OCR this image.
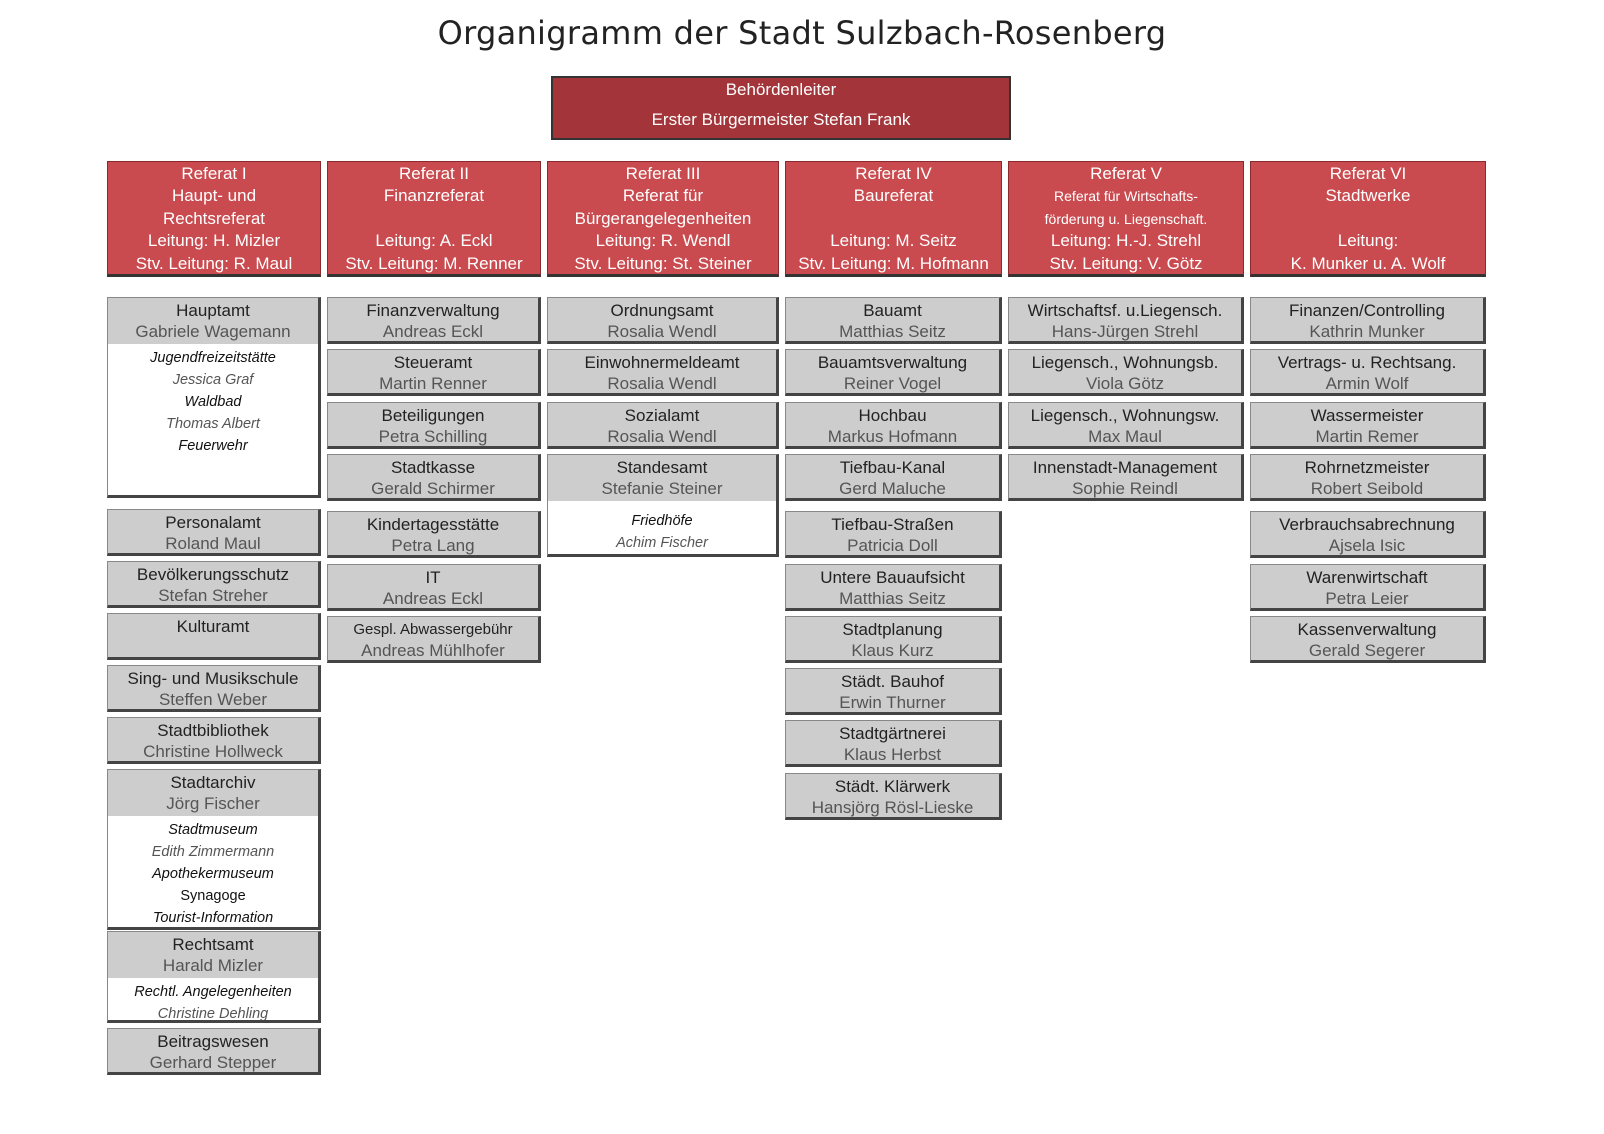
Organigramm der Stadt Sulzbach-Rosenberg
Behördenleiter
Erster Bürgermeister Stefan Frank
Referat I
Haupt- und
Rechtsreferat
Leitung: H. Mizler
Stv. Leitung: R. Maul
Hauptamt
Gabriele Wagemann
Jugendfreizeitstätte
Jessica Graf
Waldbad
Thomas Albert
Feuerwehr
Personalamt
Roland Maul
Bevölkerungsschutz
Stefan Streher
Kulturamt
Sing- und Musikschule
Steffen Weber
Stadtbibliothek
Christine Hollweck
Stadtarchiv
Jörg Fischer
Stadtmuseum
Edith Zimmermann
Apothekermuseum
Synagoge
Tourist-Information
Rechtsamt
Harald Mizler
Rechtl. Angelegenheiten
Christine Dehling
Beitragswesen
Gerhard Stepper
Referat II
Finanzreferat
Leitung: A. Eckl
Stv. Leitung: M. Renner
Finanzverwaltung
Andreas Eckl
Steueramt
Martin Renner
Beteiligungen
Petra Schilling
Stadtkasse
Gerald Schirmer
Kindertagesstätte
Petra Lang
IT
Andreas Eckl
Gespl. Abwassergebühr
Andreas Mühlhofer
Referat III
Referat für
Bürgerangelegenheiten
Leitung: R. Wendl
Stv. Leitung: St. Steiner
Ordnungsamt
Rosalia Wendl
Einwohnermeldeamt
Rosalia Wendl
Sozialamt
Rosalia Wendl
Standesamt
Stefanie Steiner
Friedhöfe
Achim Fischer
Referat IV
Baureferat
Leitung: M. Seitz
Stv. Leitung: M. Hofmann
Bauamt
Matthias Seitz
Bauamtsverwaltung
Reiner Vogel
Hochbau
Markus Hofmann
Tiefbau-Kanal
Gerd Maluche
Tiefbau-Straßen
Patricia Doll
Untere Bauaufsicht
Matthias Seitz
Stadtplanung
Klaus Kurz
Städt. Bauhof
Erwin Thurner
Stadtgärtnerei
Klaus Herbst
Städt. Klärwerk
Hansjörg Rösl-Lieske
Referat V
Referat für Wirtschafts-
förderung u. Liegenschaft.
Leitung: H.-J. Strehl
Stv. Leitung: V. Götz
Wirtschaftsf. u.Liegensch.
Hans-Jürgen Strehl
Liegensch., Wohnungsb.
Viola Götz
Liegensch., Wohnungsw.
Max Maul
Innenstadt-Management
Sophie Reindl
Referat VI
Stadtwerke
Leitung:
K. Munker u. A. Wolf
Finanzen/Controlling
Kathrin Munker
Vertrags- u. Rechtsang.
Armin Wolf
Wassermeister
Martin Remer
Rohrnetzmeister
Robert Seibold
Verbrauchsabrechnung
Ajsela Isic
Warenwirtschaft
Petra Leier
Kassenverwaltung
Gerald Segerer
